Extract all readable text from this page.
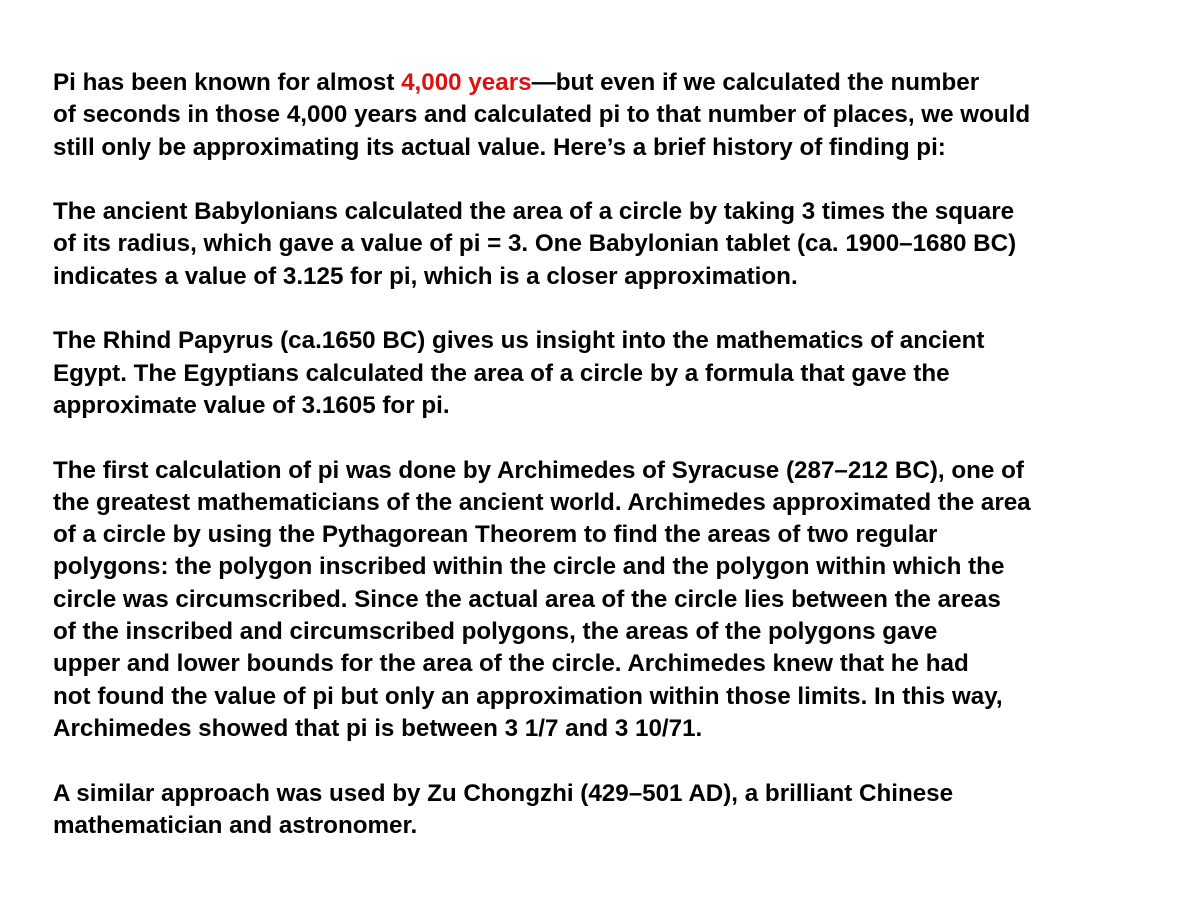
Pi has been known for almost 4,000 years—but even if we calculated the number
of seconds in those 4,000 years and calculated pi to that number of places, we would
still only be approximating its actual value. Here’s a brief history of finding pi:
The ancient Babylonians calculated the area of a circle by taking 3 times the square
of its radius, which gave a value of pi = 3. One Babylonian tablet (ca. 1900–1680 BC)
indicates a value of 3.125 for pi, which is a closer approximation.
The Rhind Papyrus (ca.1650 BC) gives us insight into the mathematics of ancient
Egypt. The Egyptians calculated the area of a circle by a formula that gave the
approximate value of 3.1605 for pi.
The first calculation of pi was done by Archimedes of Syracuse (287–212 BC), one of
the greatest mathematicians of the ancient world. Archimedes approximated the area
of a circle by using the Pythagorean Theorem to find the areas of two regular
polygons: the polygon inscribed within the circle and the polygon within which the
circle was circumscribed. Since the actual area of the circle lies between the areas
of the inscribed and circumscribed polygons, the areas of the polygons gave
upper and lower bounds for the area of the circle. Archimedes knew that he had
not found the value of pi but only an approximation within those limits. In this way,
Archimedes showed that pi is between 3 1/7 and 3 10/71.
A similar approach was used by Zu Chongzhi (429–501 AD), a brilliant Chinese
mathematician and astronomer.
